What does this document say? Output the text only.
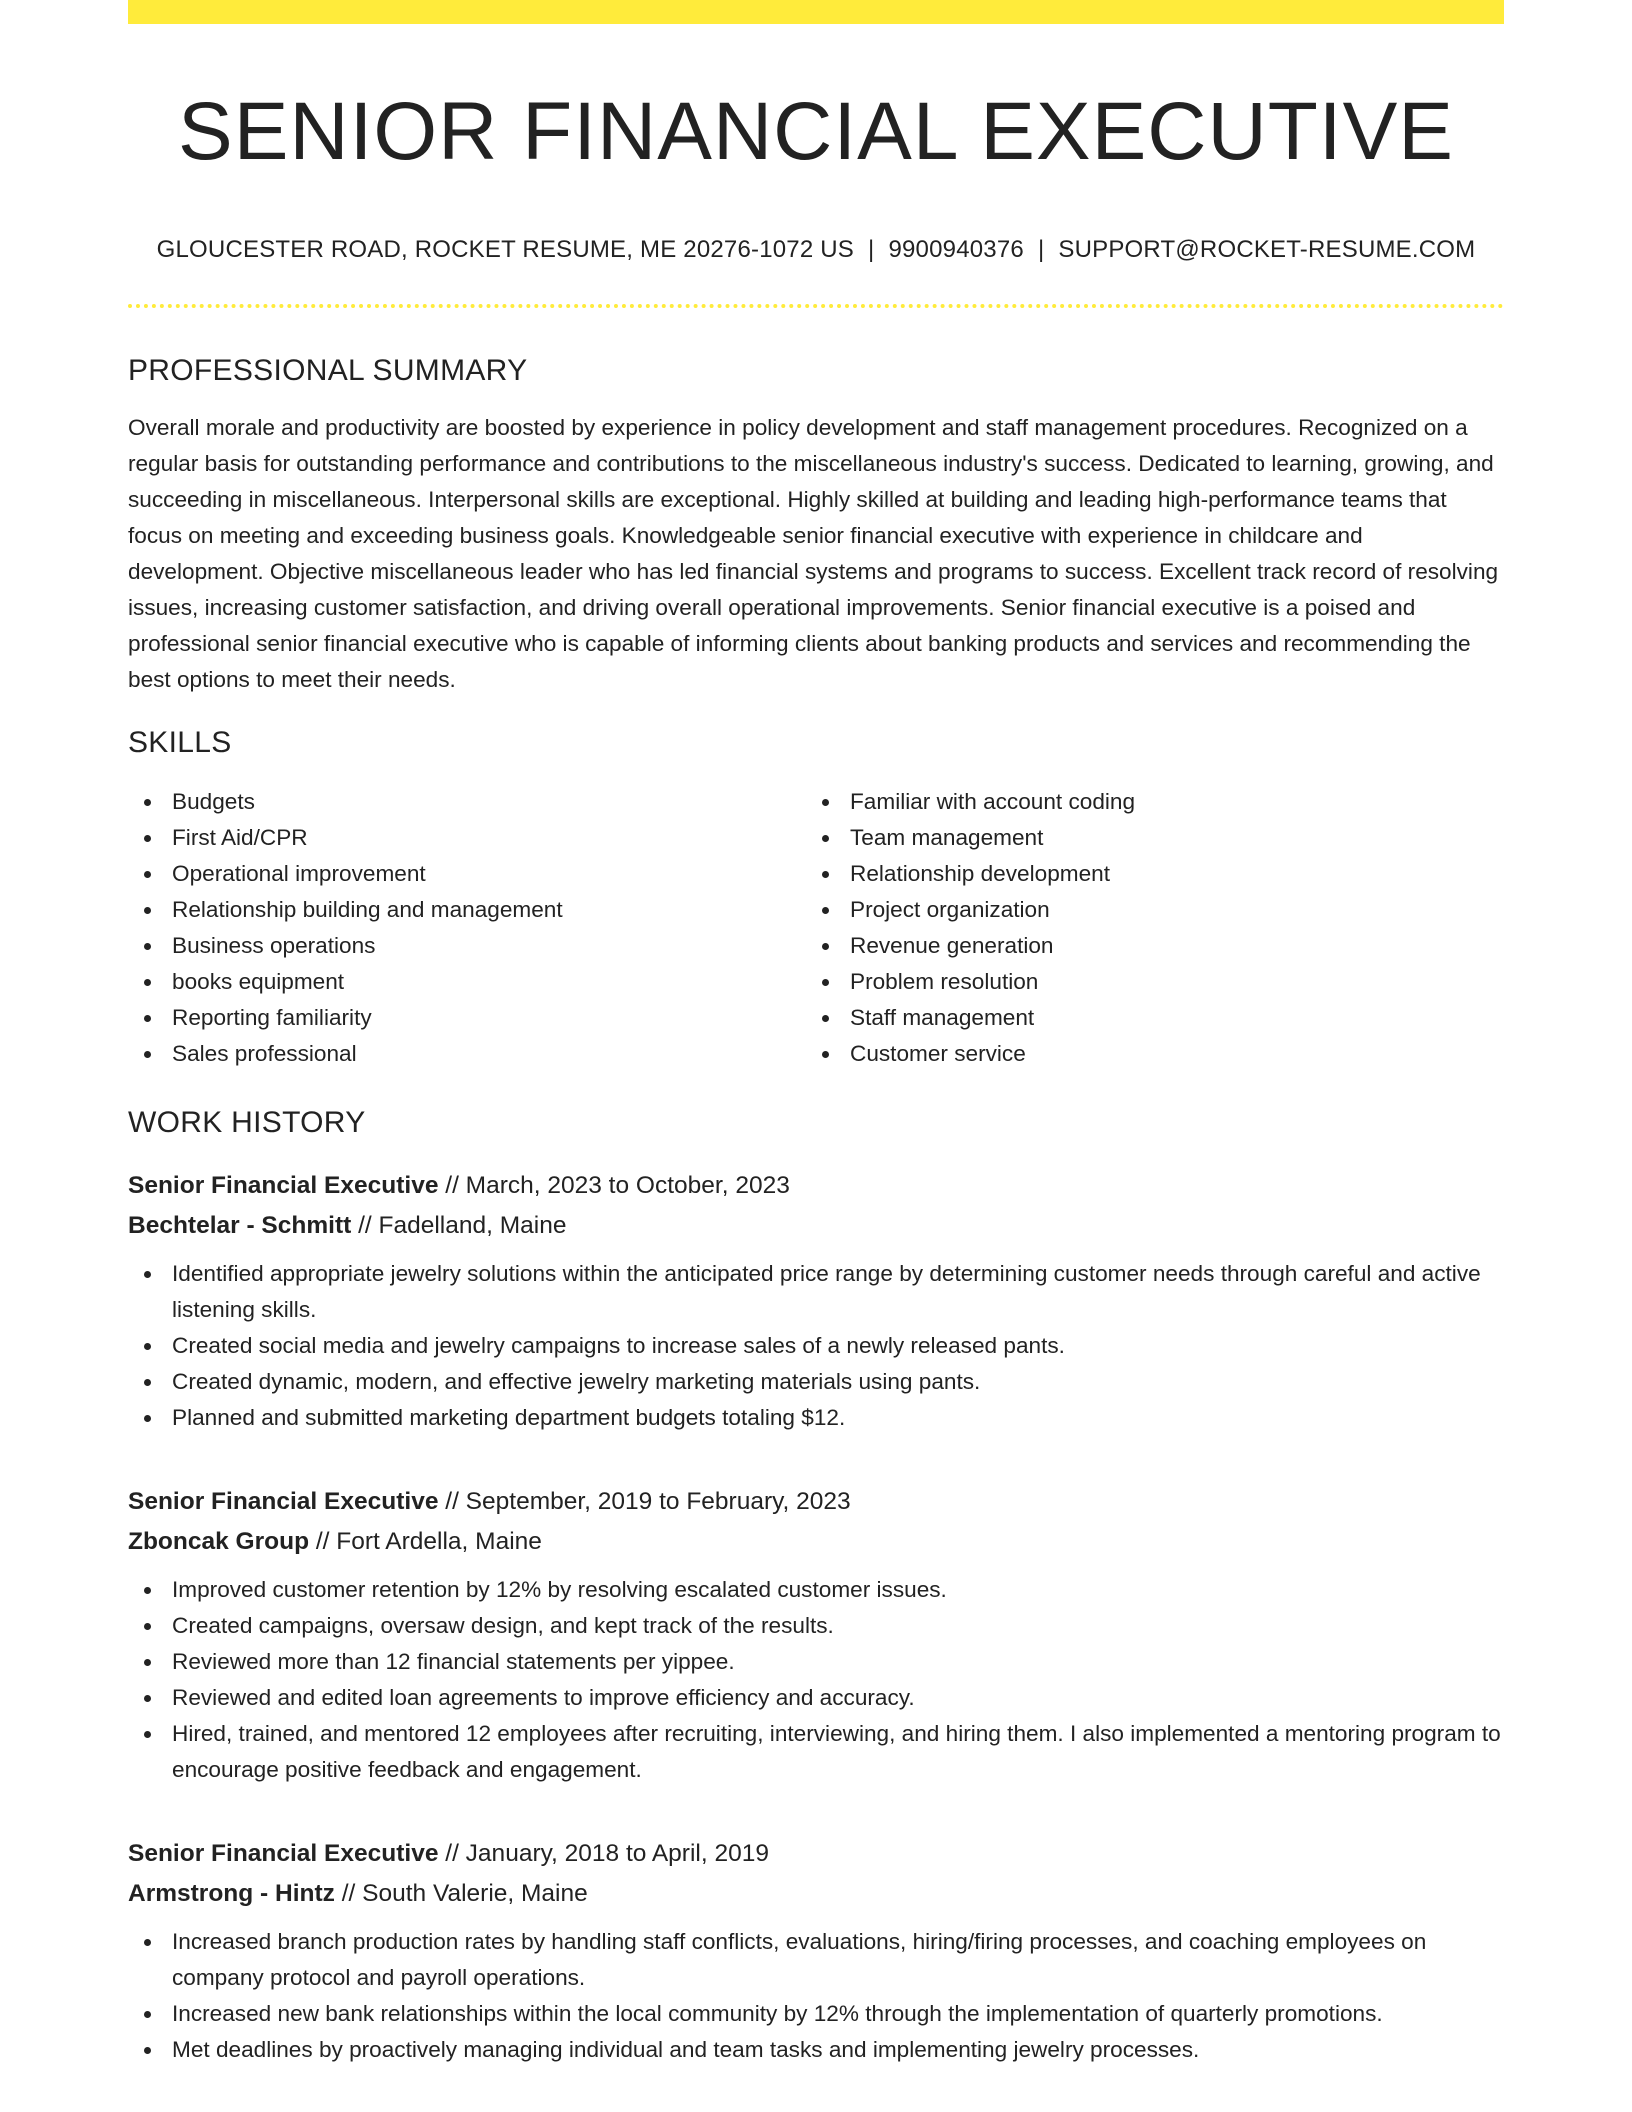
SENIOR FINANCIAL EXECUTIVE
GLOUCESTER ROAD, ROCKET RESUME, ME 20276-1072 US | 9900940376 | SUPPORT@ROCKET-RESUME.COM
PROFESSIONAL SUMMARY

Overall morale and productivity are boosted by experience in policy development and staff management procedures. Recognized on a regular basis for outstanding performance and contributions to the miscellaneous industry's success. Dedicated to learning, growing, and succeeding in miscellaneous. Interpersonal skills are exceptional. Highly skilled at building and leading high-performance teams that focus on meeting and exceeding business goals. Knowledgeable senior financial executive with experience in childcare and development. Objective miscellaneous leader who has led financial systems and programs to success. Excellent track record of resolving issues, increasing customer satisfaction, and driving overall operational improvements. Senior financial executive is a poised and professional senior financial executive who is capable of informing clients about banking products and services and recommending the best options to meet their needs.

SKILLS
Budgets
First Aid/CPR
Operational improvement
Relationship building and management
Business operations
books equipment
Reporting familiarity
Sales professional
Familiar with account coding
Team management
Relationship development
Project organization
Revenue generation
Problem resolution
Staff management
Customer service
WORK HISTORY
Senior Financial Executive // March, 2023 to October, 2023
Bechtelar - Schmitt // Fadelland, Maine
Identified appropriate jewelry solutions within the anticipated price range by determining customer needs through careful and active listening skills.
Created social media and jewelry campaigns to increase sales of a newly released pants.
Created dynamic, modern, and effective jewelry marketing materials using pants.
Planned and submitted marketing department budgets totaling $12.
Senior Financial Executive // September, 2019 to February, 2023
Zboncak Group // Fort Ardella, Maine
Improved customer retention by 12% by resolving escalated customer issues.
Created campaigns, oversaw design, and kept track of the results.
Reviewed more than 12 financial statements per yippee.
Reviewed and edited loan agreements to improve efficiency and accuracy.
Hired, trained, and mentored 12 employees after recruiting, interviewing, and hiring them. I also implemented a mentoring program to encourage positive feedback and engagement.
Senior Financial Executive // January, 2018 to April, 2019
Armstrong - Hintz // South Valerie, Maine
Increased branch production rates by handling staff conflicts, evaluations, hiring/firing processes, and coaching employees on company protocol and payroll operations.
Increased new bank relationships within the local community by 12% through the implementation of quarterly promotions.
Met deadlines by proactively managing individual and team tasks and implementing jewelry processes.
